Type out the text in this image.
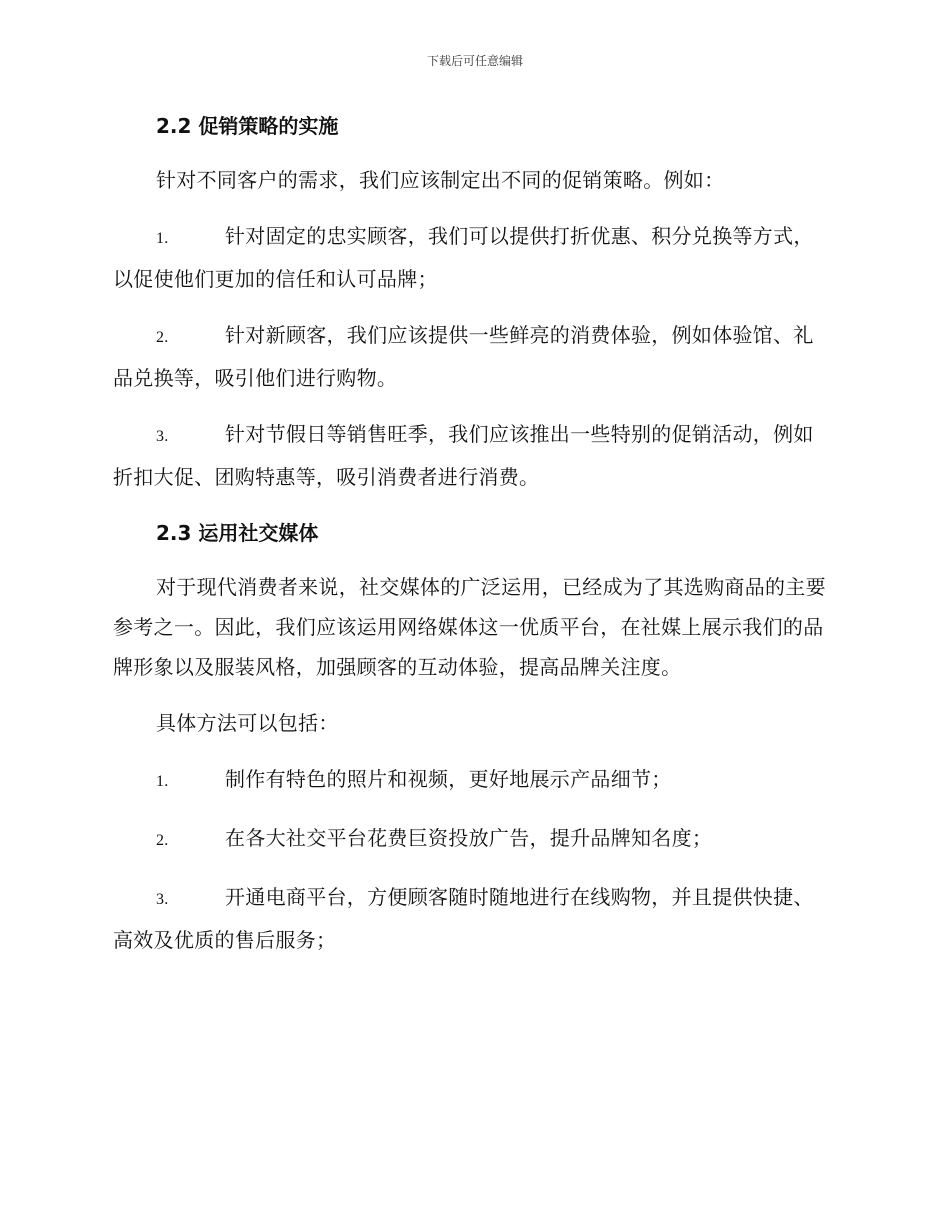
下载后可任意编辑
2.2 促销策略的实施

针对不同客户的需求，我们应该制定出不同的促销策略。例如：

1.	针对固定的忠实顾客，我们可以提供打折优惠、积分兑换等方式，以促使他们更加的信任和认可品牌；

2.	针对新顾客，我们应该提供一些鲜亮的消费体验，例如体验馆、礼品兑换等，吸引他们进行购物。

3.	针对节假日等销售旺季，我们应该推出一些特别的促销活动，例如折扣大促、团购特惠等，吸引消费者进行消费。

2.3 运用社交媒体

对于现代消费者来说，社交媒体的广泛运用，已经成为了其选购商品的主要参考之一。因此，我们应该运用网络媒体这一优质平台，在社媒上展示我们的品牌形象以及服装风格，加强顾客的互动体验，提高品牌关注度。

具体方法可以包括：

1.	制作有特色的照片和视频，更好地展示产品细节；

2.	在各大社交平台花费巨资投放广告，提升品牌知名度；

3.	开通电商平台，方便顾客随时随地进行在线购物，并且提供快捷、高效及优质的售后服务；
